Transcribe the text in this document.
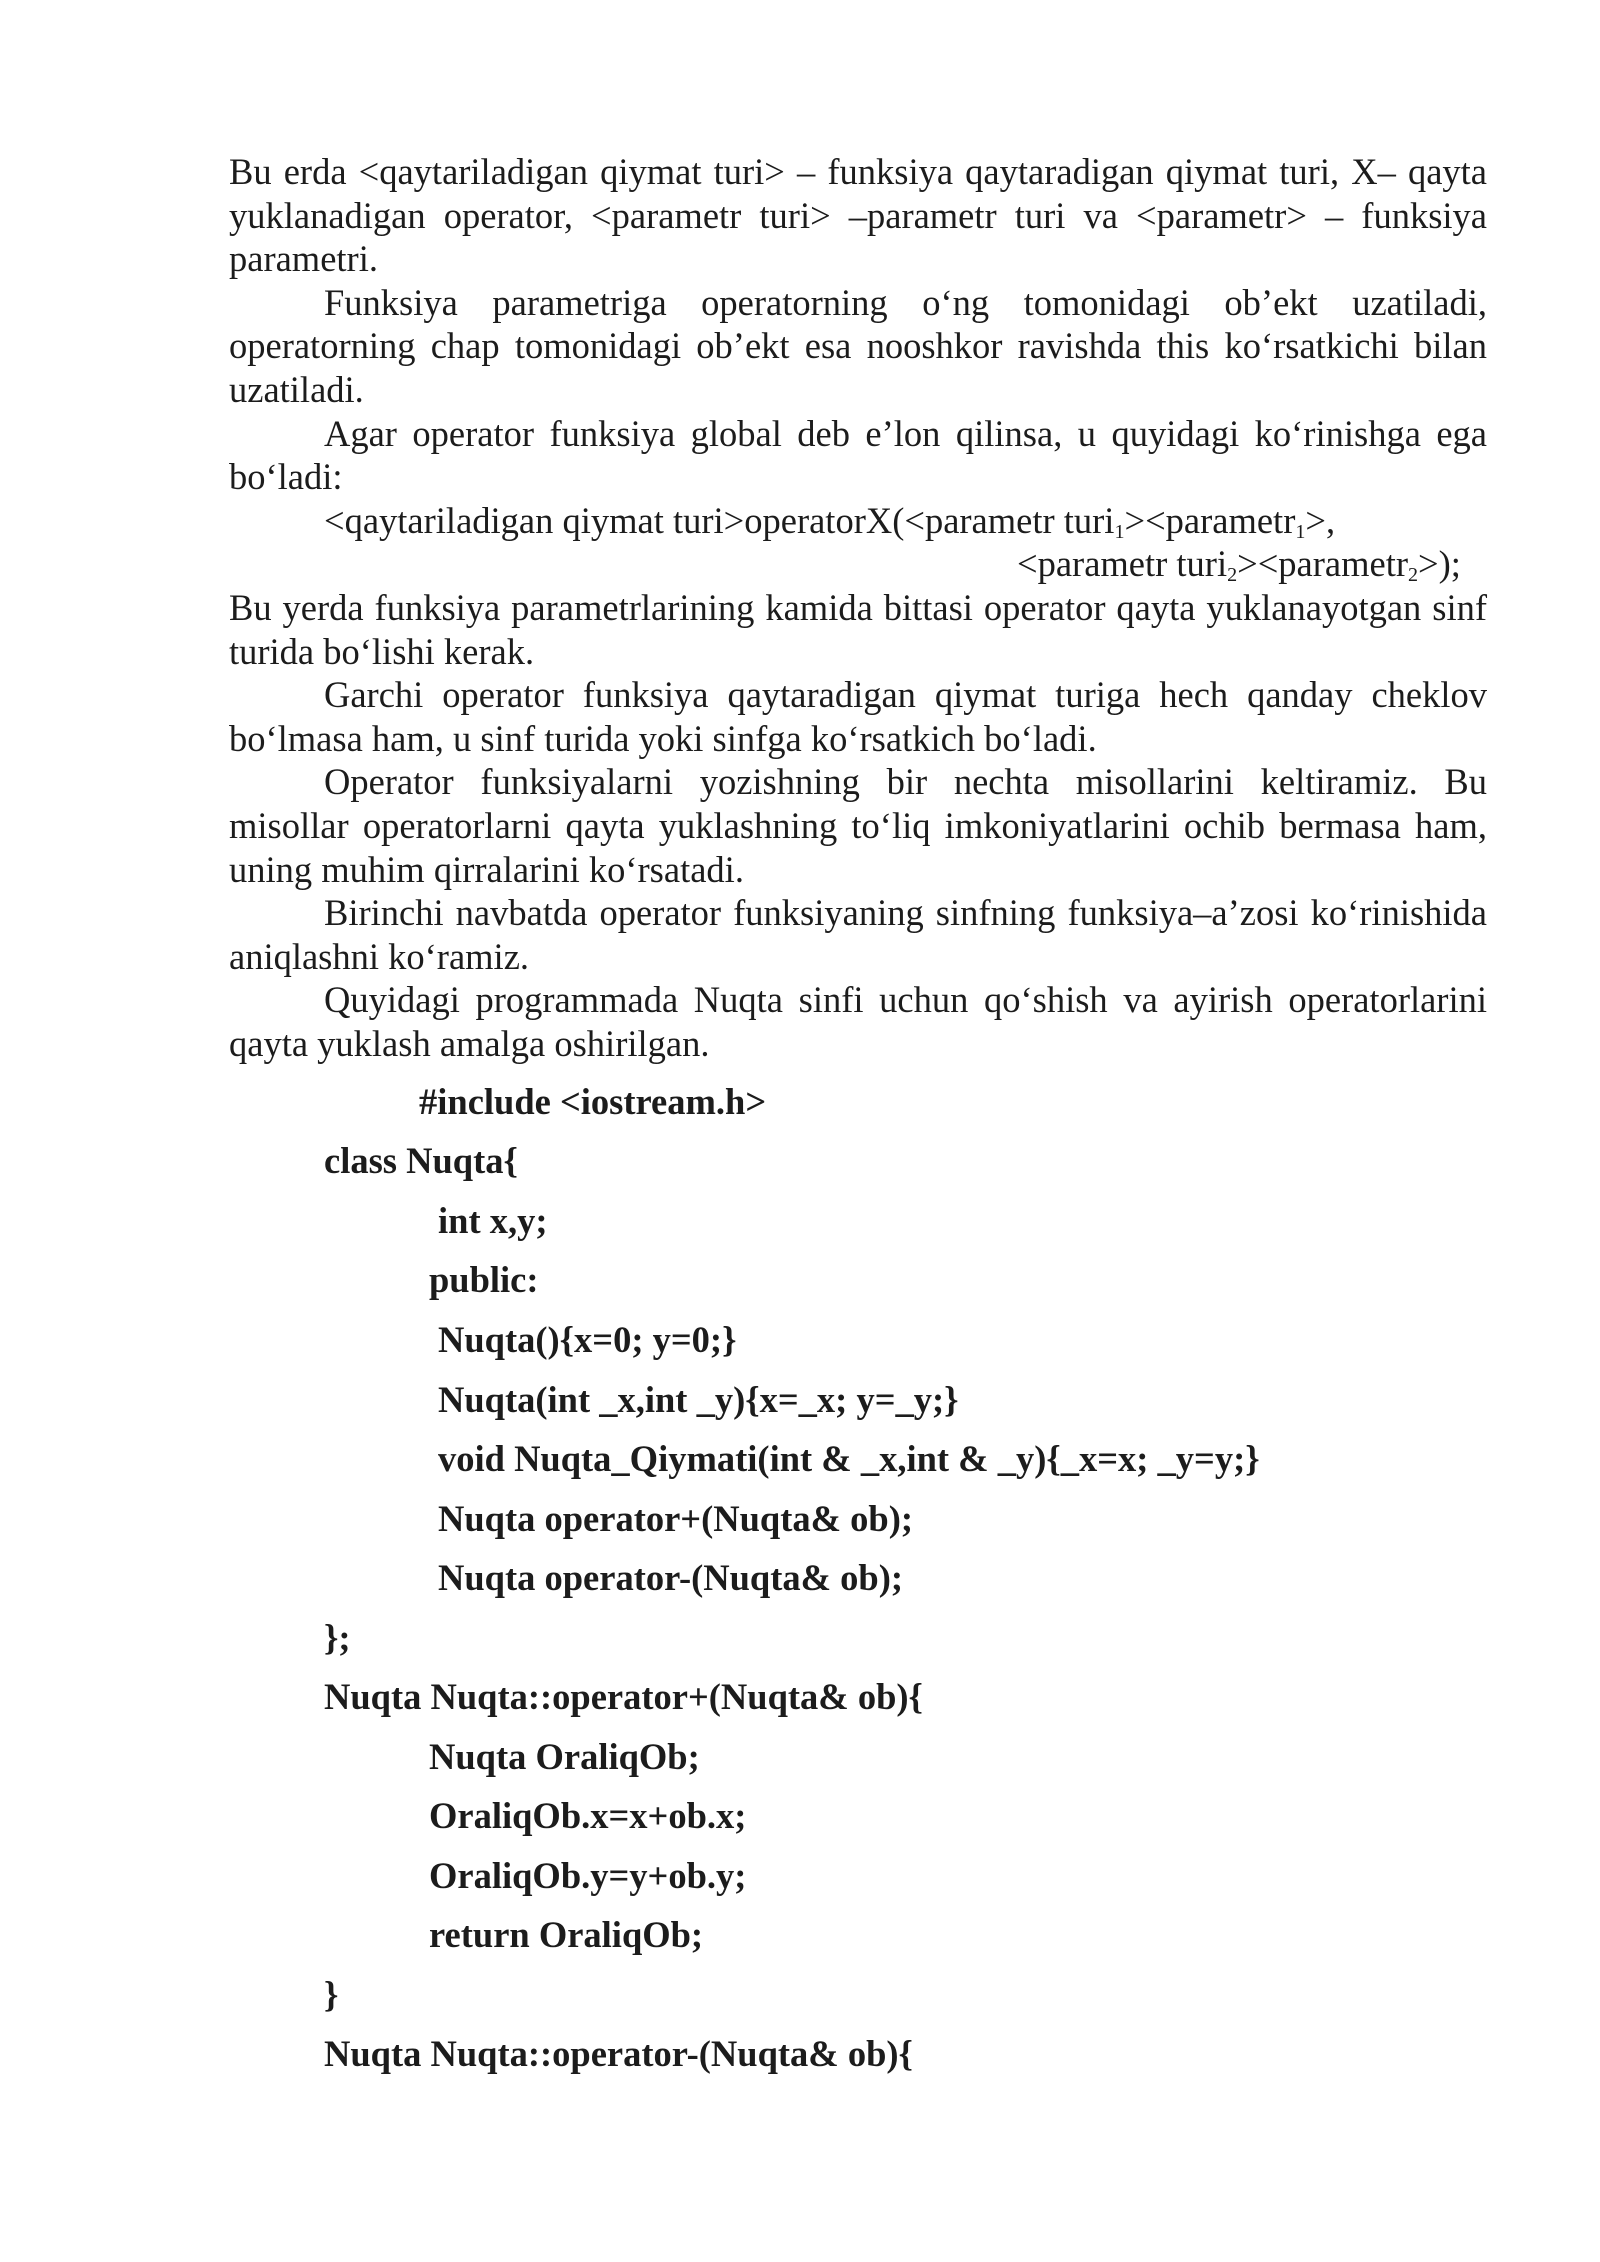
Bu erda <qaytariladigan qiymat turi> – funksiya qaytaradigan qiymat turi, X– qayta yuklanadigan operator, <parametr turi> –parametr turi va <parametr> – funksiya parametri.

Funksiya parametriga operatorning o‘ng tomonidagi ob’ekt uzatiladi, operatorning chap tomonidagi ob’ekt esa nooshkor ravishda this ko‘rsatkichi bilan uzatiladi.

Agar operator funksiya global deb e’lon qilinsa, u quyidagi ko‘rinishga ega bo‘ladi:

<qaytariladigan qiymat turi>operatorX(<parametr turi$_1$><parametr$_1$>,

<parametr turi$_2$><parametr$_2$>);

Bu yerda funksiya parametrlarining kamida bittasi operator qayta yuklanayotgan sinf turida bo‘lishi kerak.

Garchi operator funksiya qaytaradigan qiymat turiga hech qanday cheklov bo‘lmasa ham, u sinf turida yoki sinfga ko‘rsatkich bo‘ladi.

Operator funksiyalarni yozishning bir nechta misollarini keltiramiz. Bu misollar operatorlarni qayta yuklashning to‘liq imkoniyatlarini ochib bermasa ham, uning muhim qirralarini ko‘rsatadi.

Birinchi navbatda operator funksiyaning sinfning funksiya–a’zosi ko‘rinishida aniqlashni ko‘ramiz.

Quyidagi programmada Nuqta sinfi uchun qo‘shish va ayirish operatorlarini qayta yuklash amalga oshirilgan.

#include <iostream.h>
class Nuqta{
int x,y;
public:
Nuqta(){x=0; y=0;}
Nuqta(int _x,int _y){x=_x; y=_y;}
void Nuqta_Qiymati(int & _x,int & _y){_x=x; _y=y;}
Nuqta operator+(Nuqta& ob);
Nuqta operator-(Nuqta& ob);
};
Nuqta Nuqta::operator+(Nuqta& ob){
Nuqta OraliqOb;
OraliqOb.x=x+ob.x;
OraliqOb.y=y+ob.y;
return OraliqOb;
}
Nuqta Nuqta::operator-(Nuqta& ob){
